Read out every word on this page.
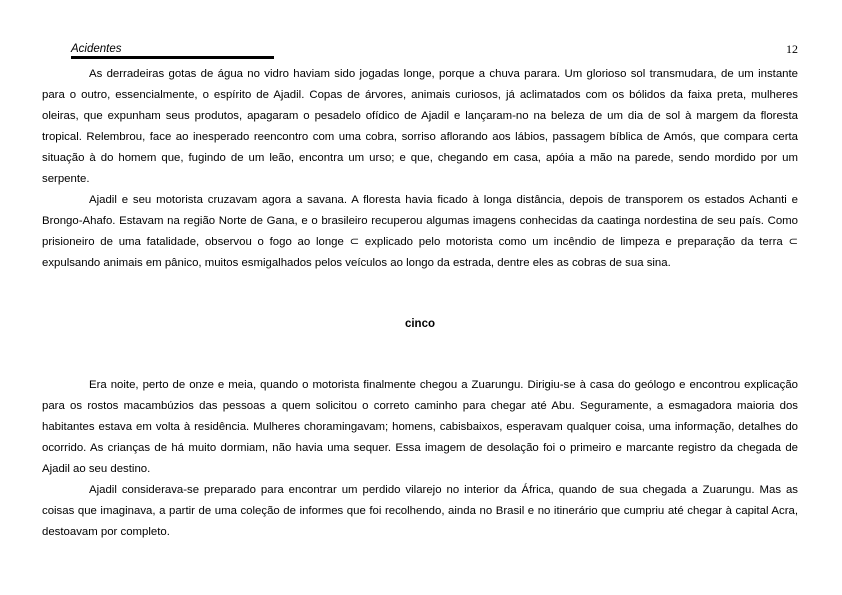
Acidentes	12

As derradeiras gotas de água no vidro haviam sido jogadas longe, porque a chuva parara. Um glorioso sol transmudara, de um instante para o outro, essencialmente, o espírito de Ajadil. Copas de árvores, animais curiosos, já aclimatados com os bólidos da faixa preta, mulheres oleiras, que expunham seus produtos, apagaram o pesadelo ofídico de Ajadil e lançaram-no na beleza de um dia de sol à margem da floresta tropical. Relembrou, face ao inesperado reencontro com uma cobra, sorriso aflorando aos lábios, passagem bíblica de Amós, que compara certa situação à do homem que, fugindo de um leão, encontra um urso; e que, chegando em casa, apóia a mão na parede, sendo mordido por um serpente.

Ajadil e seu motorista cruzavam agora a savana. A floresta havia ficado à longa distância, depois de transporem os estados Achanti e Brongo-Ahafo. Estavam na região Norte de Gana, e o brasileiro recuperou algumas imagens conhecidas da caatinga nordestina de seu país. Como prisioneiro de uma fatalidade, observou o fogo ao longe ⊂ explicado pelo motorista como um incêndio de limpeza e preparação da terra ⊂ expulsando animais em pânico, muitos esmigalhados pelos veículos ao longo da estrada, dentre eles as cobras de sua sina.

cinco

Era noite, perto de onze e meia, quando o motorista finalmente chegou a Zuarungu. Dirigiu-se à casa do geólogo e encontrou explicação para os rostos macambúzios das pessoas a quem solicitou o correto caminho para chegar até Abu. Seguramente, a esmagadora maioria dos habitantes estava em volta à residência. Mulheres choramingavam; homens, cabisbaixos, esperavam qualquer coisa, uma informação, detalhes do ocorrido. As crianças de há muito dormiam, não havia uma sequer. Essa imagem de desolação foi o primeiro e marcante registro da chegada de Ajadil ao seu destino.

Ajadil considerava-se preparado para encontrar um perdido vilarejo no interior da África, quando de sua chegada a Zuarungu. Mas as coisas que imaginava, a partir de uma coleção de informes que foi recolhendo, ainda no Brasil e no itinerário que cumpriu até chegar à capital Acra, destoavam por completo.
